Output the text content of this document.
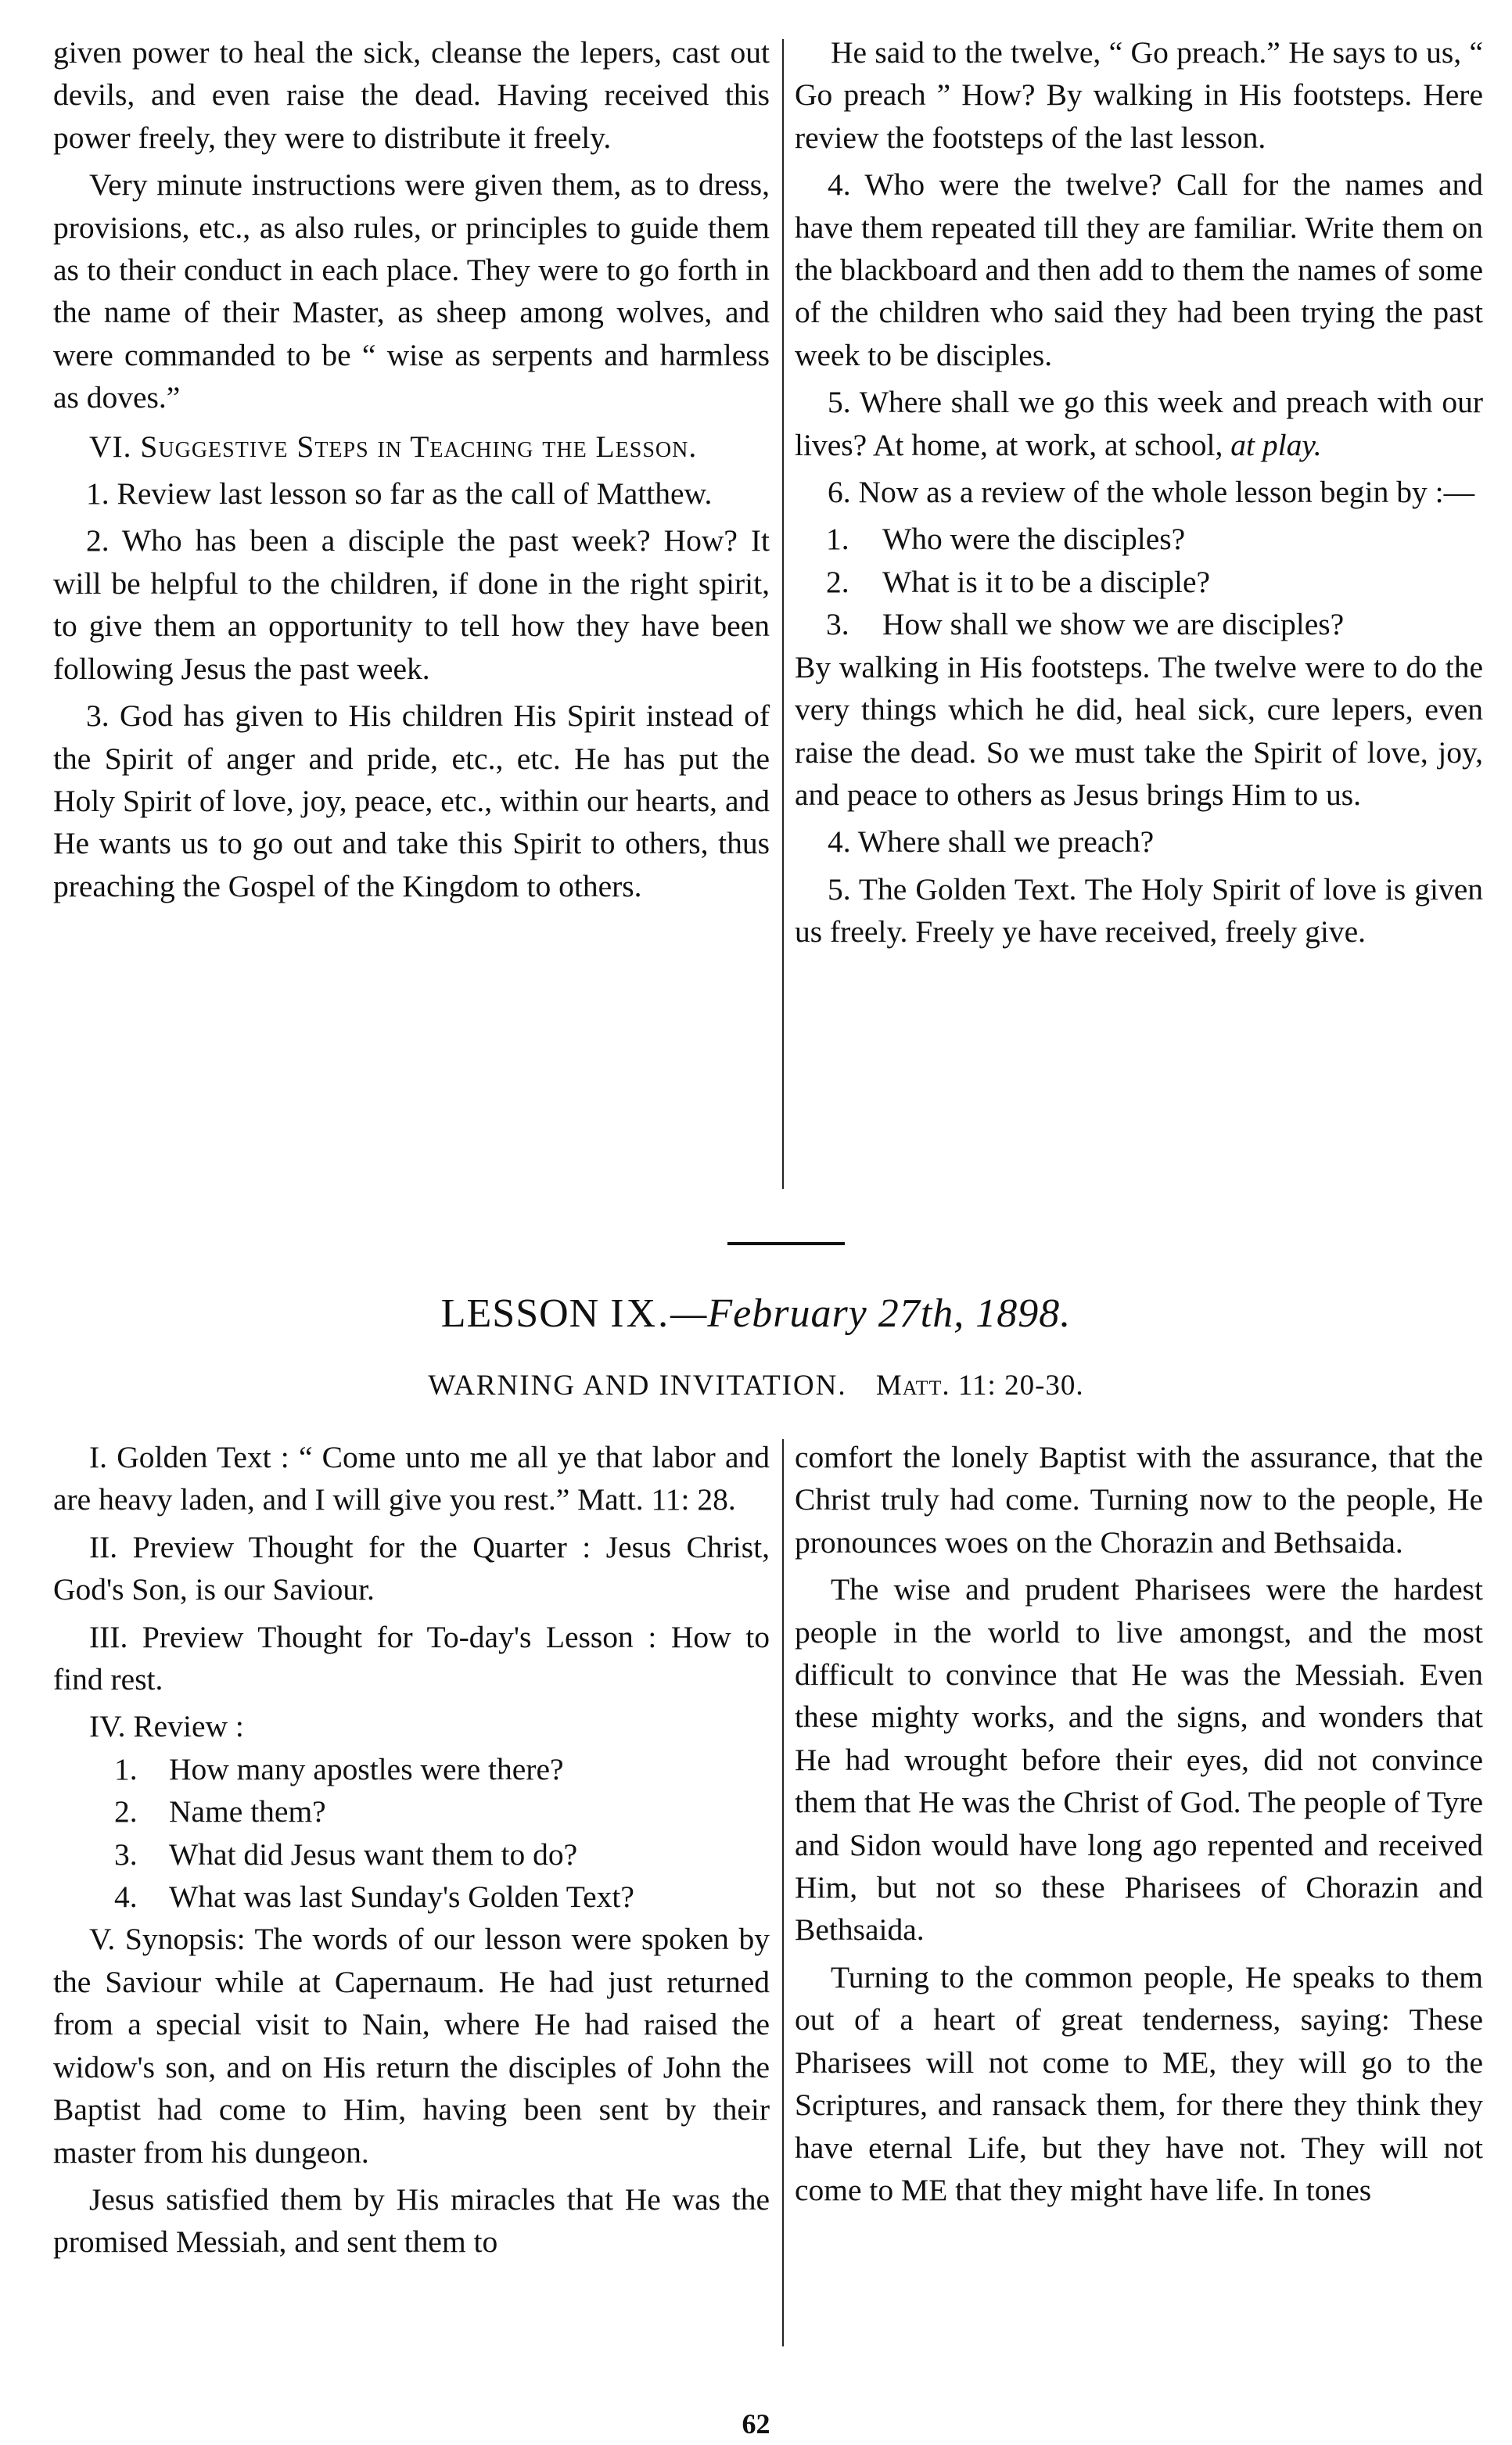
given power to heal the sick, cleanse the lepers, cast out devils, and even raise the dead. Having received this power freely, they were to distribute it freely.

Very minute instructions were given them, as to dress, provisions, etc., as also rules, or principles to guide them as to their conduct in each place. They were to go forth in the name of their Master, as sheep among wolves, and were commanded to be “ wise as serpents and harmless as doves.”

VI. Suggestive Steps in Teaching the Lesson.

1. Review last lesson so far as the call of Matthew.

2. Who has been a disciple the past week? How? It will be helpful to the children, if done in the right spirit, to give them an opportunity to tell how they have been following Jesus the past week.

3. God has given to His children His Spirit instead of the Spirit of anger and pride, etc., etc. He has put the Holy Spirit of love, joy, peace, etc., within our hearts, and He wants us to go out and take this Spirit to others, thus preaching the Gospel of the Kingdom to others.

He said to the twelve, “ Go preach.” He says to us, “ Go preach ” How? By walking in His footsteps. Here review the footsteps of the last lesson.

4. Who were the twelve? Call for the names and have them repeated till they are familiar. Write them on the blackboard and then add to them the names of some of the children who said they had been trying the past week to be disciples.

5. Where shall we go this week and preach with our lives? At home, at work, at school, at play.

6. Now as a review of the whole lesson begin by :—

1. Who were the disciples?

2. What is it to be a disciple?

3. How shall we show we are disciples?

By walking in His footsteps. The twelve were to do the very things which he did, heal sick, cure lepers, even raise the dead. So we must take the Spirit of love, joy, and peace to others as Jesus brings Him to us.

4. Where shall we preach?

5. The Golden Text. The Holy Spirit of love is given us freely. Freely ye have received, freely give.

LESSON IX.—February 27th, 1898.
WARNING AND INVITATION. Matt. 11: 20-30.

I. Golden Text : “ Come unto me all ye that labor and are heavy laden, and I will give you rest.” Matt. 11: 28.

II. Preview Thought for the Quarter : Jesus Christ, God's Son, is our Saviour.

III. Preview Thought for To-day's Lesson : How to find rest.

IV. Review :

1. How many apostles were there?

2. Name them?

3. What did Jesus want them to do?

4. What was last Sunday's Golden Text?

V. Synopsis: The words of our lesson were spoken by the Saviour while at Capernaum. He had just returned from a special visit to Nain, where He had raised the widow's son, and on His return the disciples of John the Baptist had come to Him, having been sent by their master from his dungeon.

Jesus satisfied them by His miracles that He was the promised Messiah, and sent them to

comfort the lonely Baptist with the assurance, that the Christ truly had come. Turning now to the people, He pronounces woes on the Chorazin and Bethsaida.

The wise and prudent Pharisees were the hardest people in the world to live amongst, and the most difficult to convince that He was the Messiah. Even these mighty works, and the signs, and wonders that He had wrought before their eyes, did not convince them that He was the Christ of God. The people of Tyre and Sidon would have long ago repented and received Him, but not so these Pharisees of Chorazin and Bethsaida.

Turning to the common people, He speaks to them out of a heart of great tenderness, saying: These Pharisees will not come to ME, they will go to the Scriptures, and ransack them, for there they think they have eternal Life, but they have not. They will not come to ME that they might have life. In tones

62
